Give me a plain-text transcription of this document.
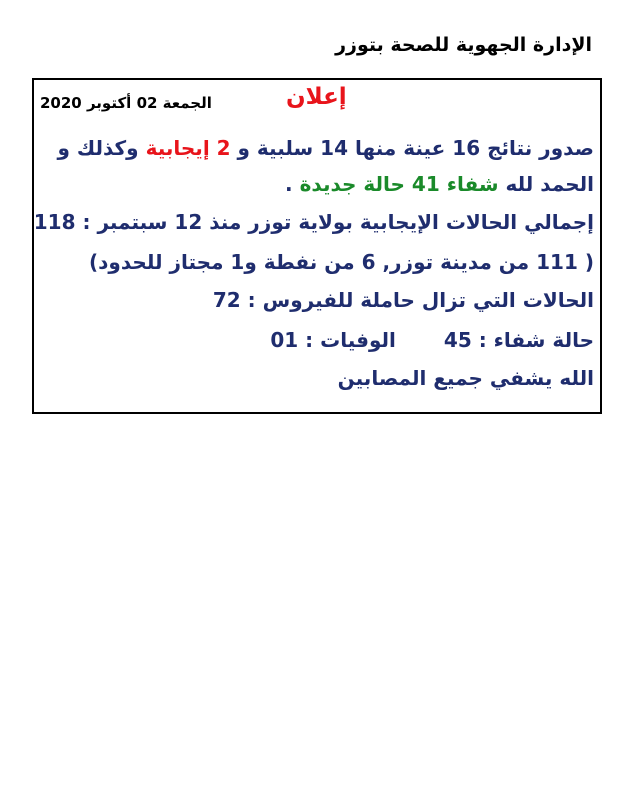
الإدارة الجهوية للصحة بتوزر
إعلان
الجمعة 02 أكتوبر 2020
صدور نتائج 16 عينة منها 14 سلبية و 2 إيجابية وكذلك و
الحمد لله شفاء 41 حالة جديدة .
إجمالي الحالات الإيجابية بولاية توزر منذ 12 سبتمبر : 118
( 111 من مدينة توزر, 6 من نفطة و1 مجتاز للحدود)
الحالات التي تزال حاملة للفيروس : 72
حالة شفاء : 45الوفيات : 01
الله يشفي جميع المصابين
